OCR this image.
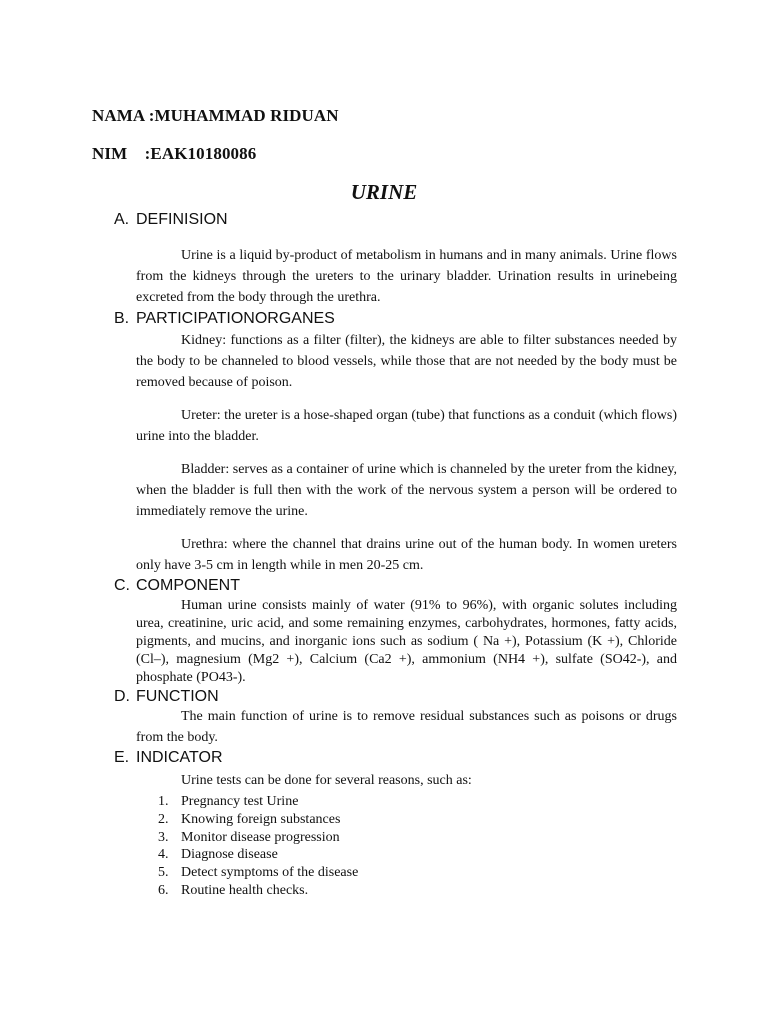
NAMA :MUHAMMAD RIDUAN
NIM    :EAK10180086
URINE
A. DEFINISION

Urine is a liquid by-product of metabolism in humans and in many animals. Urine flows from the kidneys through the ureters to the urinary bladder. Urination results in urinebeing excreted from the body through the urethra.

B. PARTICIPATIONORGANES

Kidney: functions as a filter (filter), the kidneys are able to filter substances needed by the body to be channeled to blood vessels, while those that are not needed by the body must be removed because of poison.

Ureter: the ureter is a hose-shaped organ (tube) that functions as a conduit (which flows) urine into the bladder.

Bladder: serves as a container of urine which is channeled by the ureter from the kidney, when the bladder is full then with the work of the nervous system a person will be ordered to immediately remove the urine.

Urethra: where the channel that drains urine out of the human body. In women ureters only have 3-5 cm in length while in men 20-25 cm.

C. COMPONENT

Human urine consists mainly of water (91% to 96%), with organic solutes including urea, creatinine, uric acid, and some remaining enzymes, carbohydrates, hormones, fatty acids, pigments, and mucins, and inorganic ions such as sodium ( Na +), Potassium (K +), Chloride (Cl–), magnesium (Mg2 +), Calcium (Ca2 +), ammonium (NH4 +), sulfate (SO42-), and phosphate (PO43-).

D. FUNCTION

The main function of urine is to remove residual substances such as poisons or drugs from the body.

E. INDICATOR
Urine tests can be done for several reasons, such as:
1. Pregnancy test Urine
2. Knowing foreign substances
3. Monitor disease progression
4. Diagnose disease
5. Detect symptoms of the disease
6. Routine health checks.
